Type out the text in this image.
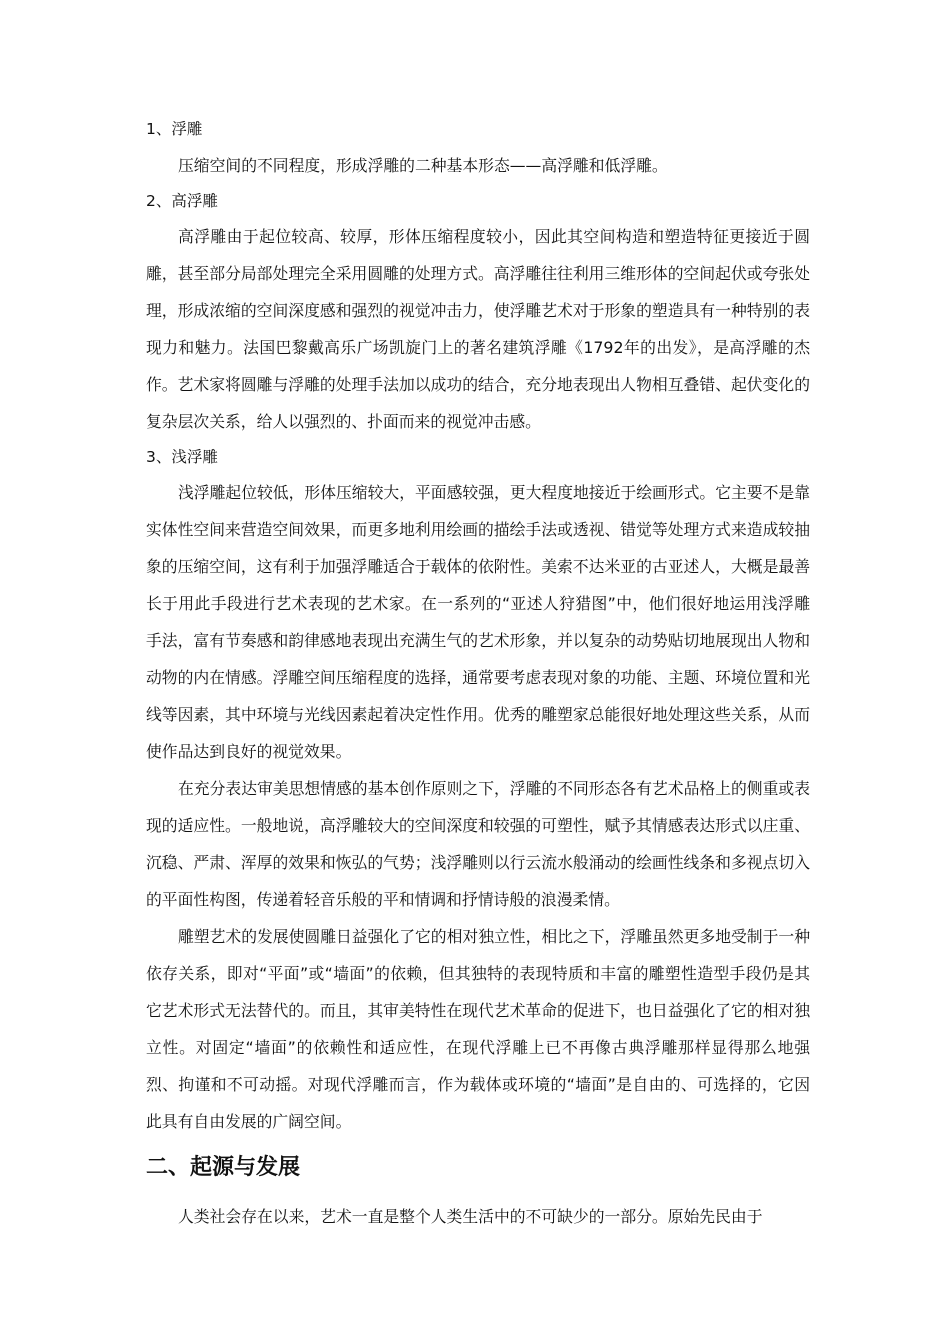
1、浮雕

压缩空间的不同程度，形成浮雕的二种基本形态——高浮雕和低浮雕。

2、高浮雕

高浮雕由于起位较高、较厚，形体压缩程度较小，因此其空间构造和塑造特征更接近于圆雕，甚至部分局部处理完全采用圆雕的处理方式。高浮雕往往利用三维形体的空间起伏或夸张处理，形成浓缩的空间深度感和强烈的视觉冲击力，使浮雕艺术对于形象的塑造具有一种特别的表现力和魅力。法国巴黎戴高乐广场凯旋门上的著名建筑浮雕《1792年的出发》，是高浮雕的杰作。艺术家将圆雕与浮雕的处理手法加以成功的结合，充分地表现出人物相互叠错、起伏变化的复杂层次关系，给人以强烈的、扑面而来的视觉冲击感。

3、浅浮雕

浅浮雕起位较低，形体压缩较大，平面感较强，更大程度地接近于绘画形式。它主要不是靠实体性空间来营造空间效果，而更多地利用绘画的描绘手法或透视、错觉等处理方式来造成较抽象的压缩空间，这有利于加强浮雕适合于载体的依附性。美索不达米亚的古亚述人，大概是最善长于用此手段进行艺术表现的艺术家。在一系列的“亚述人狩猎图”中，他们很好地运用浅浮雕手法，富有节奏感和韵律感地表现出充满生气的艺术形象，并以复杂的动势贴切地展现出人物和动物的内在情感。浮雕空间压缩程度的选择，通常要考虑表现对象的功能、主题、环境位置和光线等因素，其中环境与光线因素起着决定性作用。优秀的雕塑家总能很好地处理这些关系，从而使作品达到良好的视觉效果。

在充分表达审美思想情感的基本创作原则之下，浮雕的不同形态各有艺术品格上的侧重或表现的适应性。一般地说，高浮雕较大的空间深度和较强的可塑性，赋予其情感表达形式以庄重、沉稳、严肃、浑厚的效果和恢弘的气势；浅浮雕则以行云流水般涌动的绘画性线条和多视点切入的平面性构图，传递着轻音乐般的平和情调和抒情诗般的浪漫柔情。

雕塑艺术的发展使圆雕日益强化了它的相对独立性，相比之下，浮雕虽然更多地受制于一种依存关系，即对“平面”或“墙面”的依赖，但其独特的表现特质和丰富的雕塑性造型手段仍是其它艺术形式无法替代的。而且，其审美特性在现代艺术革命的促进下，也日益强化了它的相对独立性。对固定“墙面”的依赖性和适应性，在现代浮雕上已不再像古典浮雕那样显得那么地强烈、拘谨和不可动摇。对现代浮雕而言，作为载体或环境的“墙面”是自由的、可选择的，它因此具有自由发展的广阔空间。

二、起源与发展

人类社会存在以来，艺术一直是整个人类生活中的不可缺少的一部分。原始先民由于
